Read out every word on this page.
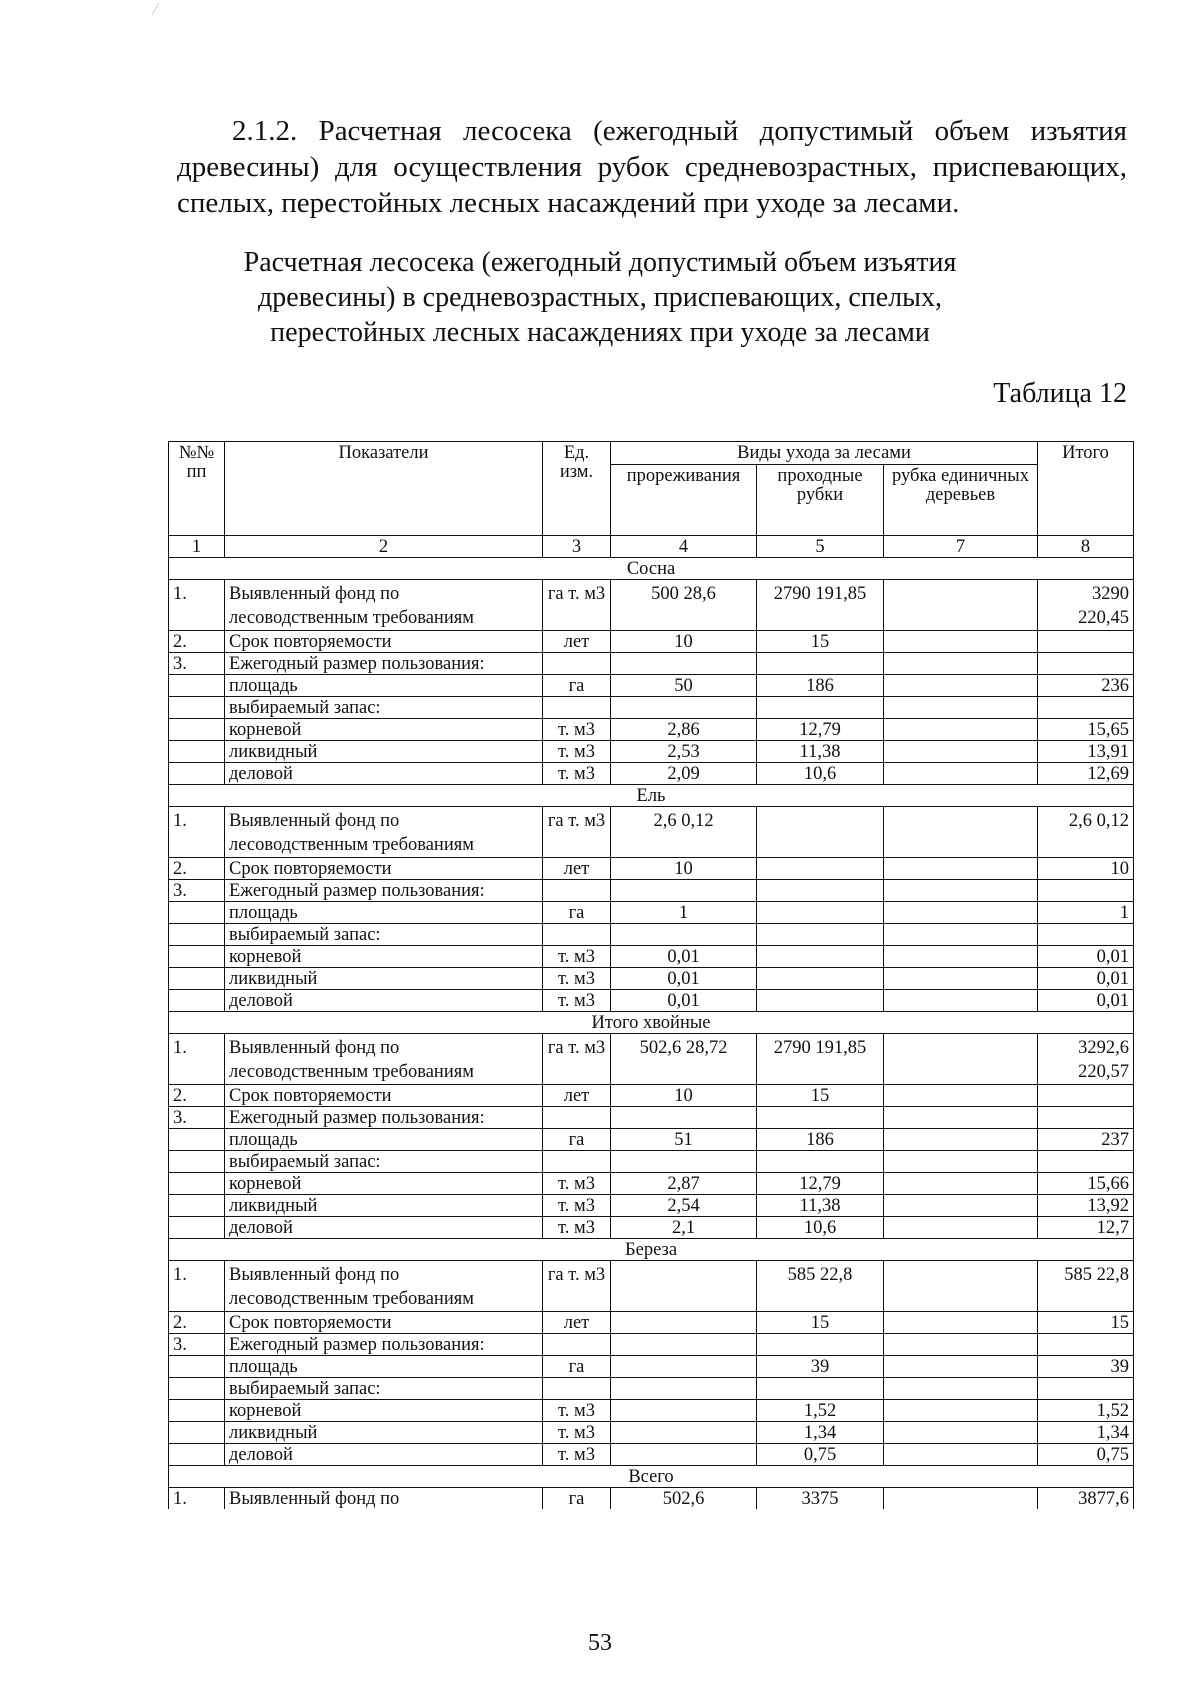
2.1.2. Расчетная лесосека (ежегодный допустимый объем изъятия древесины) для осуществления рубок средневозрастных, приспевающих, спелых, перестойных лесных насаждений при уходе за лесами.
Расчетная лесосека (ежегодный допустимый объем изъятия древесины) в средневозрастных, приспевающих, спелых, перестойных лесных насаждениях при уходе за лесами
Таблица 12
№№ пп	Показатели	Ед. изм.	Виды ухода за лесами			Итого
			прореживания	проходные рубки	рубка единичных деревьев	
1	2	3	4	5	7	8
Сосна						
1.	Выявленный фонд по лесоводственным требованиям	га т. м3	500 28,6	2790 191,85		3290 220,45
2.	Срок повторяемости	лет	10	15		
3.	Ежегодный размер пользования:					
	площадь	га	50	186		236
	выбираемый запас:					
	корневой	т. м3	2,86	12,79		15,65
	ликвидный	т. м3	2,53	11,38		13,91
	деловой	т. м3	2,09	10,6		12,69
Ель						
1.	Выявленный фонд по лесоводственным требованиям	га т. м3	2,6 0,12			2,6 0,12
2.	Срок повторяемости	лет	10			10
3.	Ежегодный размер пользования:					
	площадь	га	1			1
	выбираемый запас:					
	корневой	т. м3	0,01			0,01
	ликвидный	т. м3	0,01			0,01
	деловой	т. м3	0,01			0,01
Итого хвойные						
1.	Выявленный фонд по лесоводственным требованиям	га т. м3	502,6 28,72	2790 191,85		3292,6 220,57
2.	Срок повторяемости	лет	10	15		
3.	Ежегодный размер пользования:					
	площадь	га	51	186		237
	выбираемый запас:					
	корневой	т. м3	2,87	12,79		15,66
	ликвидный	т. м3	2,54	11,38		13,92
	деловой	т. м3	2,1	10,6		12,7
Береза						
1.	Выявленный фонд по лесоводственным требованиям	га т. м3		585 22,8		585 22,8
2.	Срок повторяемости	лет		15		15
3.	Ежегодный размер пользования:					
	площадь	га		39		39
	выбираемый запас:					
	корневой	т. м3		1,52		1,52
	ликвидный	т. м3		1,34		1,34
	деловой	т. м3		0,75		0,75
Всего						
1.	Выявленный фонд по	га	502,6	3375		3877,6
53
